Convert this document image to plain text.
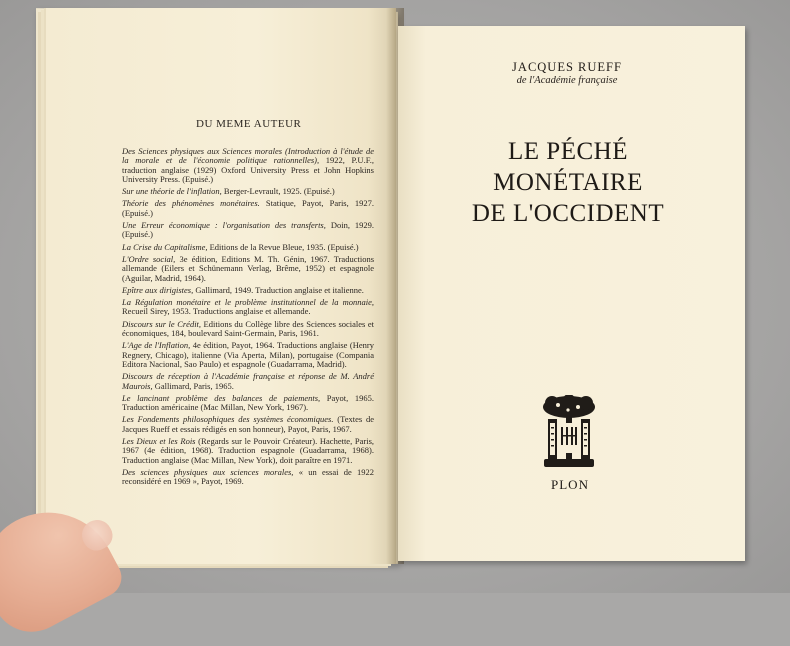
DU MEME AUTEUR
Des Sciences physiques aux Sciences morales (Introduction à l'étude de la morale et de l'économie politique rationnelles), 1922, P.U.F., traduction anglaise (1929) Oxford University Press et John Hopkins University Press. (Epuisé.)
Sur une théorie de l'inflation, Berger-Levrault, 1925. (Epuisé.)
Théorie des phénomènes monétaires. Statique, Payot, Paris, 1927. (Epuisé.)
Une Erreur économique : l'organisation des transferts, Doin, 1929. (Epuisé.)
La Crise du Capitalisme, Editions de la Revue Bleue, 1935. (Epuisé.)
L'Ordre social, 3e édition, Editions M. Th. Génin, 1967. Traductions allemande (Eilers et Schünemann Verlag, Brême, 1952) et espagnole (Aguilar, Madrid, 1964).
Epître aux dirigistes, Gallimard, 1949. Traduction anglaise et italienne.
La Régulation monétaire et le problème institutionnel de la monnaie, Recueil Sirey, 1953. Traductions anglaise et allemande.
Discours sur le Crédit, Editions du Collège libre des Sciences sociales et économiques, 184, boulevard Saint-Germain, Paris, 1961.
L'Age de l'Inflation, 4e édition, Payot, 1964. Traductions anglaise (Henry Regnery, Chicago), italienne (Via Aperta, Milan), portugaise (Compania Editora Nacional, Sao Paulo) et espagnole (Guadarrama, Madrid).
Discours de réception à l'Académie française et réponse de M. André Maurois, Gallimard, Paris, 1965.
Le lancinant problème des balances de paiements, Payot, 1965. Traduction américaine (Mac Millan, New York, 1967).
Les Fondements philosophiques des systèmes économiques. (Textes de Jacques Rueff et essais rédigés en son honneur), Payot, Paris, 1967.
Les Dieux et les Rois (Regards sur le Pouvoir Créateur). Hachette, Paris, 1967 (4e édition, 1968). Traduction espagnole (Guadarrama, 1968). Traduction anglaise (Mac Millan, New York), doit paraître en 1971.
Des sciences physiques aux sciences morales, « un essai de 1922 reconsidéré en 1969 », Payot, 1969.
JACQUES RUEFF
de l'Académie française
LE PÉCHÉ
MONÉTAIRE
DE L'OCCIDENT
PLON
